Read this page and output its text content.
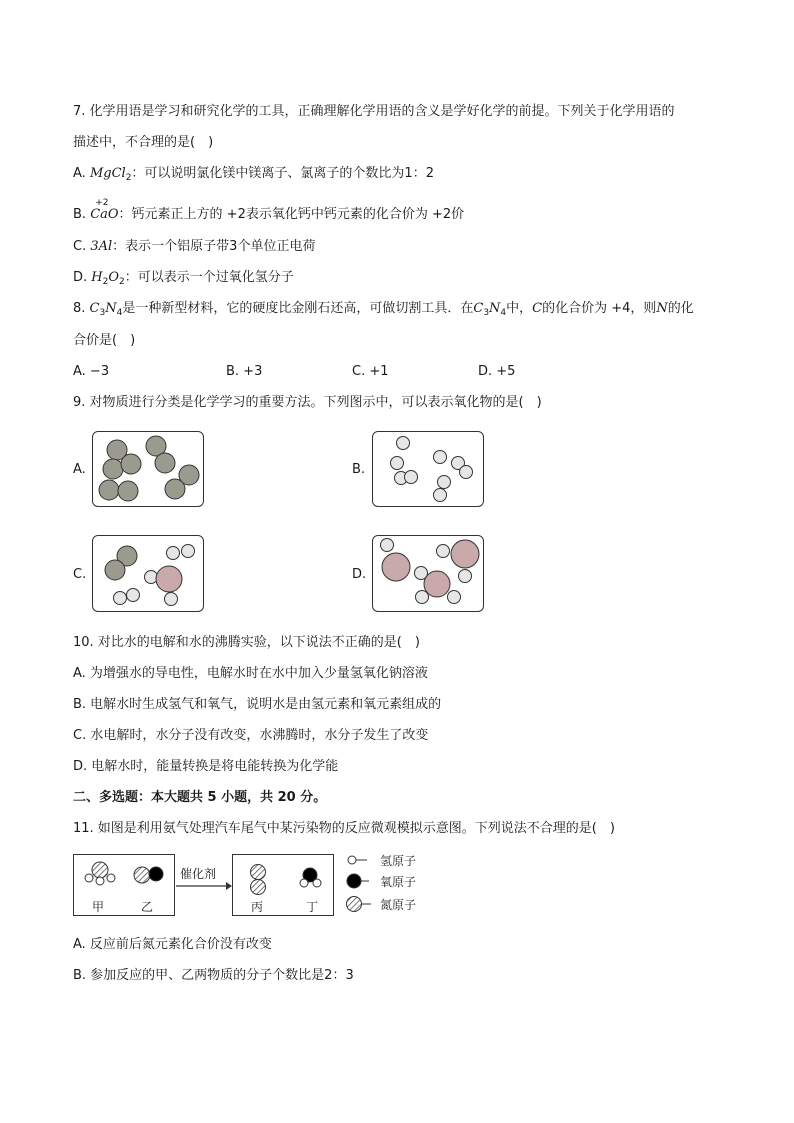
7. 化学用语是学习和研究化学的工具，正确理解化学用语的含义是学好化学的前提。下列关于化学用语的
描述中，不合理的是(　)
A. MgCl$_2$：可以说明氯化镁中镁离子、氯离子的个数比为1：2
B.
+2
CaO：钙元素正上方的 +2表示氧化钙中钙元素的化合价为 +2价
C. 3Al：表示一个铝原子带3个单位正电荷
D. $H_2O_2$：可以表示一个过氧化氢分子
8. $C_3N_4$是一种新型材料，它的硬度比金刚石还高，可做切割工具．在$C_3N_4$中，C的化合价为 +4，则N的化
合价是(　)
A. −3	B. +3	C. +1	D. +5
9. 对物质进行分类是化学学习的重要方法。下列图示中，可以表示氧化物的是(　)
A.	B.
C.	D.
10. 对比水的电解和水的沸腾实验，以下说法不正确的是(　)
A. 为增强水的导电性，电解水时在水中加入少量氢氧化钠溶液
B. 电解水时生成氢气和氧气，说明水是由氢元素和氧元素组成的
C. 水电解时，水分子没有改变，水沸腾时，水分子发生了改变
D. 电解水时，能量转换是将电能转换为化学能
二、多选题：本大题共 5 小题，共 20 分。
11. 如图是利用氨气处理汽车尾气中某污染物的反应微观模拟示意图。下列说法不合理的是(　)
甲	乙
催化剂
丙	丁
氢原子
氧原子
氮原子
A. 反应前后氮元素化合价没有改变
B. 参加反应的甲、乙两物质的分子个数比是2：3
